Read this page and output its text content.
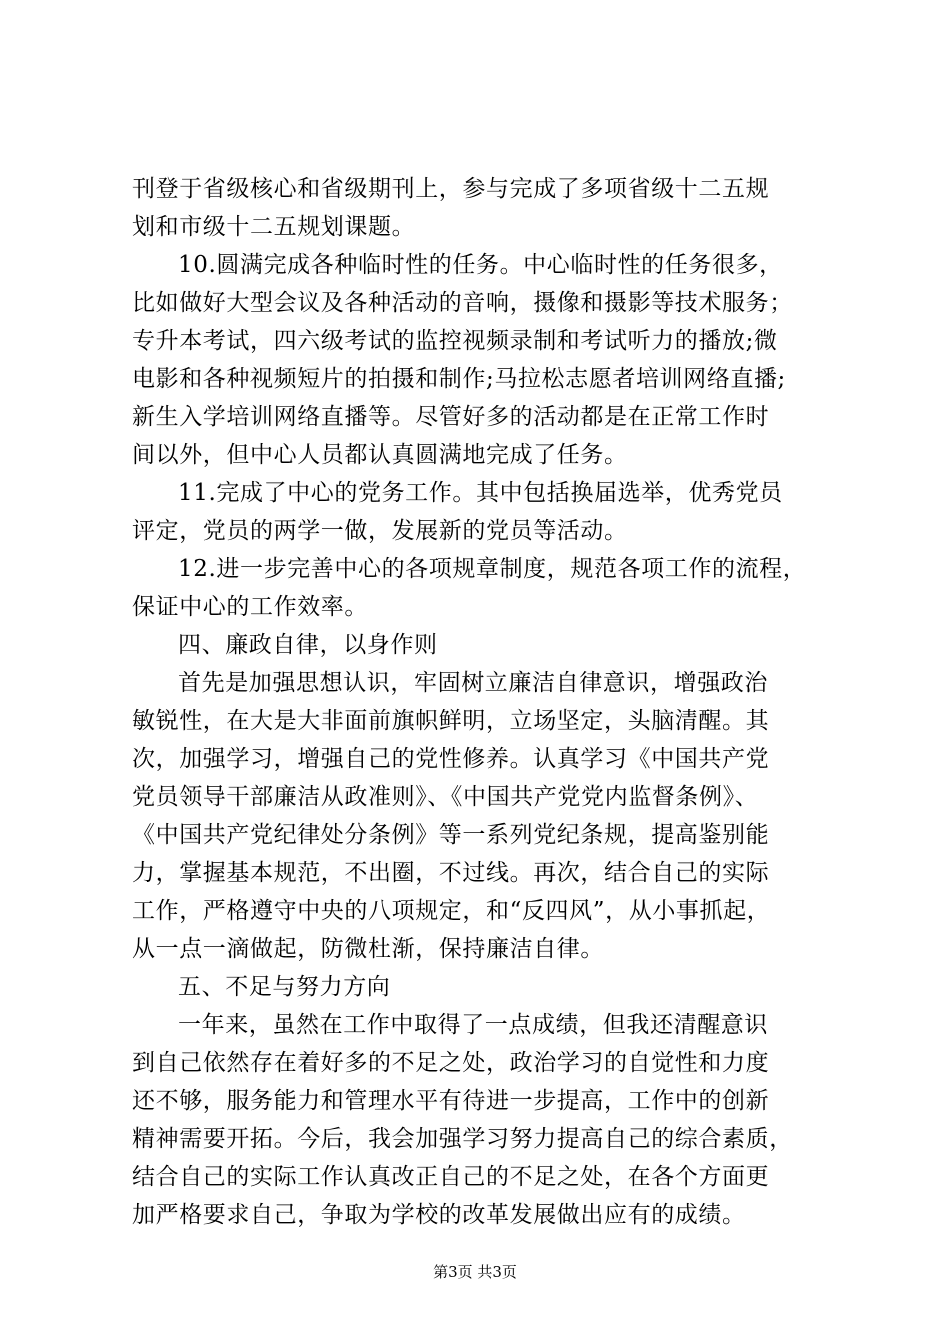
刊登于省级核心和省级期刊上，参与完成了多项省级十二五规
划和市级十二五规划课题。
10.圆满完成各种临时性的任务。中心临时性的任务很多，
比如做好大型会议及各种活动的音响，摄像和摄影等技术服务；
专升本考试，四六级考试的监控视频录制和考试听力的播放;微
电影和各种视频短片的拍摄和制作;马拉松志愿者培训网络直播;
新生入学培训网络直播等。尽管好多的活动都是在正常工作时
间以外，但中心人员都认真圆满地完成了任务。
11.完成了中心的党务工作。其中包括换届选举，优秀党员
评定，党员的两学一做，发展新的党员等活动。
12.进一步完善中心的各项规章制度，规范各项工作的流程，
保证中心的工作效率。
四、廉政自律，以身作则
首先是加强思想认识，牢固树立廉洁自律意识，增强政治
敏锐性，在大是大非面前旗帜鲜明，立场坚定，头脑清醒。其
次，加强学习，增强自己的党性修养。认真学习《中国共产党
党员领导干部廉洁从政准则》、《中国共产党党内监督条例》、
《中国共产党纪律处分条例》等一系列党纪条规，提高鉴别能
力，掌握基本规范，不出圈，不过线。再次，结合自己的实际
工作，严格遵守中央的八项规定，和“反四风”，从小事抓起，
从一点一滴做起，防微杜渐，保持廉洁自律。
五、不足与努力方向
一年来，虽然在工作中取得了一点成绩，但我还清醒意识
到自己依然存在着好多的不足之处，政治学习的自觉性和力度
还不够，服务能力和管理水平有待进一步提高，工作中的创新
精神需要开拓。今后，我会加强学习努力提高自己的综合素质，
结合自己的实际工作认真改正自己的不足之处，在各个方面更
加严格要求自己，争取为学校的改革发展做出应有的成绩。
第3页 共3页
